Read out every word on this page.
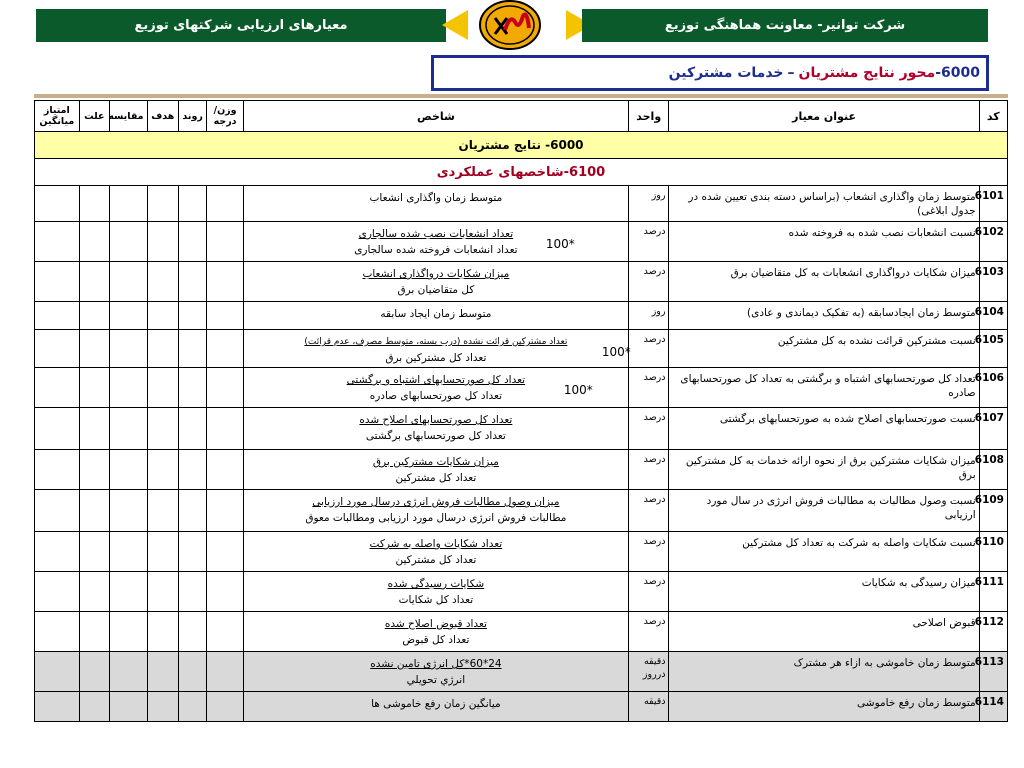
معیارهای ارزیابی شرکتهای توزیع	شرکت توانیر- معاونت هماهنگی توزیع
6000-
محور نتایج مشتریان
–
خدمات مشترکین
کد	عنوان معیار	واحد	شاخص	وزن/ درجه	روند	هدف	مقایسه	علت	امتیاز میانگین
6000- نتایج مشتریان									
6100-شاخصهای عملکردی									
6101	متوسط زمان واگذاری انشعاب (براساس دسته بندی تعیین شده در جدول ابلاغی)	روز	متوسط زمان واگذاری انشعاب						

6102	نسبت انشعابات نصب شده به فروخته شده	درصد	تعداد انشعابات نصب شده سالجاری
تعداد انشعابات فروخته شده سالجاری *100						

6103	میزان شکایات درواگذاری انشعابات به کل متقاضیان برق	درصد	میزان شکایات درواگذاری انشعاب
کل متقاضیان برق						

6104	متوسط زمان ایجادسابقه (به تفکیک دیماندی و عادی)	روز	متوسط زمان ایجاد سابقه						

6105	نسبت مشترکین قرائت نشده به کل مشترکین	درصد	تعداد مشترکین قرائت نشده (درب بسته، متوسط مصرف، عدم قرائت)
تعداد کل مشترکین برق *100						

6106	تعداد کل صورتحسابهای اشتباه و برگشتی به تعداد کل صورتحسابهای صادره	درصد	تعداد کل صورتحسابهای اشتباه و برگشتی
تعداد کل صورتحسابهای صادره *100						

6107	نسبت صورتحسابهای اصلاح شده به صورتحسابهای برگشتی	درصد	تعداد کل صورتحسابهای اصلاح شده
تعداد کل صورتحسابهای برگشتی						

6108	میزان شکایات مشترکین برق از نحوه ارائه خدمات به کل مشترکین برق	درصد	میزان شکایات مشترکین برق
تعداد کل مشترکین						

6109	نسبت وصول مطالبات به مطالبات فروش انرژی در سال مورد ارزیابی	درصد	میزان وصول مطالبات فروش انرژی درسال مورد ارزیابی
مطالبات فروش انرژی درسال مورد ارزیابی ومطالبات معوق						

6110	نسبت شکایات واصله به شرکت به تعداد کل مشترکین	درصد	تعداد شکایات واصله به شرکت
تعداد کل مشترکین						

6111	میزان رسیدگی به شکایات	درصد	شکایات رسیدگی شده
تعداد کل شکایات						

6112	قبوض اصلاحی	درصد	تعداد قبوض اصلاح شده
تعداد کل قبوض						

6113	متوسط زمان خاموشی به ازاء هر مشترک	دقیقه درروز	24*60*کل انرژی تامین نشده
انرژي تحويلي						

6114	متوسط زمان رفع خاموشی	دقیقه	میانگین زمان رفع خاموشی ها						
